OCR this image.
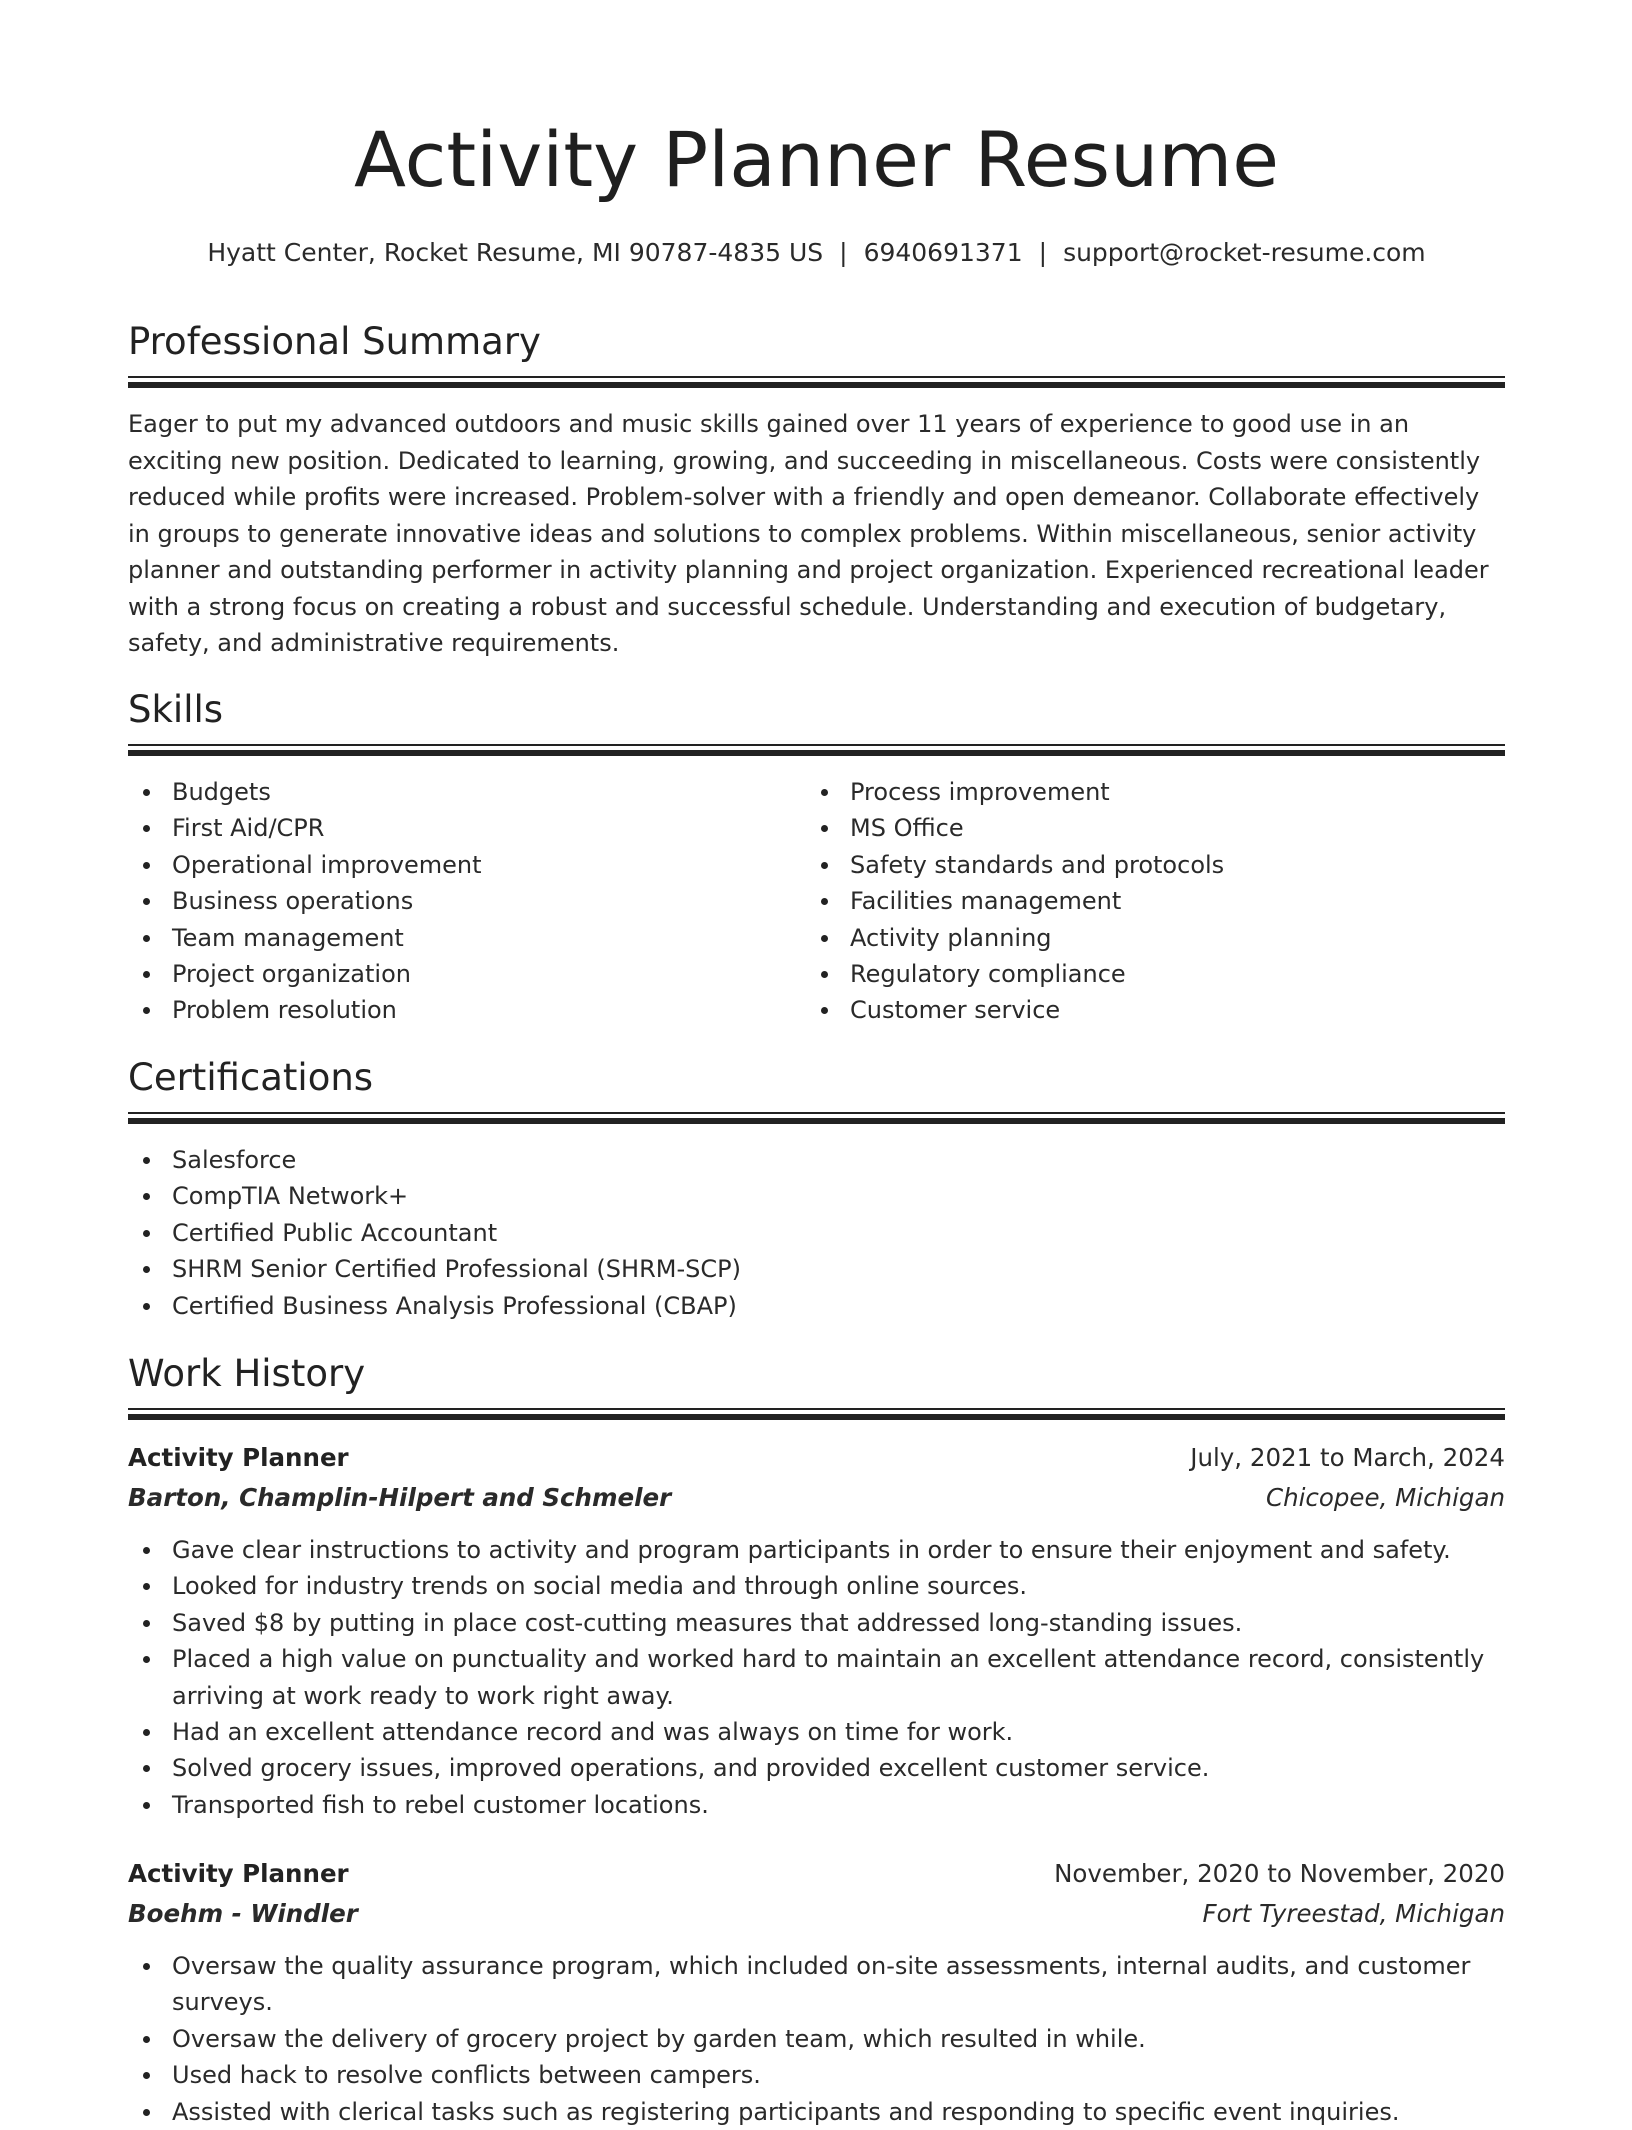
Activity Planner Resume
Hyatt Center, Rocket Resume, MI 90787-4835 US | 6940691371 | support@rocket-resume.com
Professional Summary

Eager to put my advanced outdoors and music skills gained over 11 years of experience to good use in an exciting new position. Dedicated to learning, growing, and succeeding in miscellaneous. Costs were consistently reduced while profits were increased. Problem-solver with a friendly and open demeanor. Collaborate effectively in groups to generate innovative ideas and solutions to complex problems. Within miscellaneous, senior activity planner and outstanding performer in activity planning and project organization. Experienced recreational leader with a strong focus on creating a robust and successful schedule. Understanding and execution of budgetary, safety, and administrative requirements.

Skills
Budgets
First Aid/CPR
Operational improvement
Business operations
Team management
Project organization
Problem resolution
Process improvement
MS Office
Safety standards and protocols
Facilities management
Activity planning
Regulatory compliance
Customer service
Certifications
Salesforce
CompTIA Network+
Certified Public Accountant
SHRM Senior Certified Professional (SHRM-SCP)
Certified Business Analysis Professional (CBAP)
Work History
Activity Planner	July, 2021 to March, 2024
Barton, Champlin-Hilpert and Schmeler	Chicopee, Michigan
Gave clear instructions to activity and program participants in order to ensure their enjoyment and safety.
Looked for industry trends on social media and through online sources.
Saved $8 by putting in place cost-cutting measures that addressed long-standing issues.
Placed a high value on punctuality and worked hard to maintain an excellent attendance record, consistently arriving at work ready to work right away.
Had an excellent attendance record and was always on time for work.
Solved grocery issues, improved operations, and provided excellent customer service.
Transported fish to rebel customer locations.
Activity Planner	November, 2020 to November, 2020
Boehm - Windler	Fort Tyreestad, Michigan
Oversaw the quality assurance program, which included on-site assessments, internal audits, and customer surveys.
Oversaw the delivery of grocery project by garden team, which resulted in while.
Used hack to resolve conflicts between campers.
Assisted with clerical tasks such as registering participants and responding to specific event inquiries.
